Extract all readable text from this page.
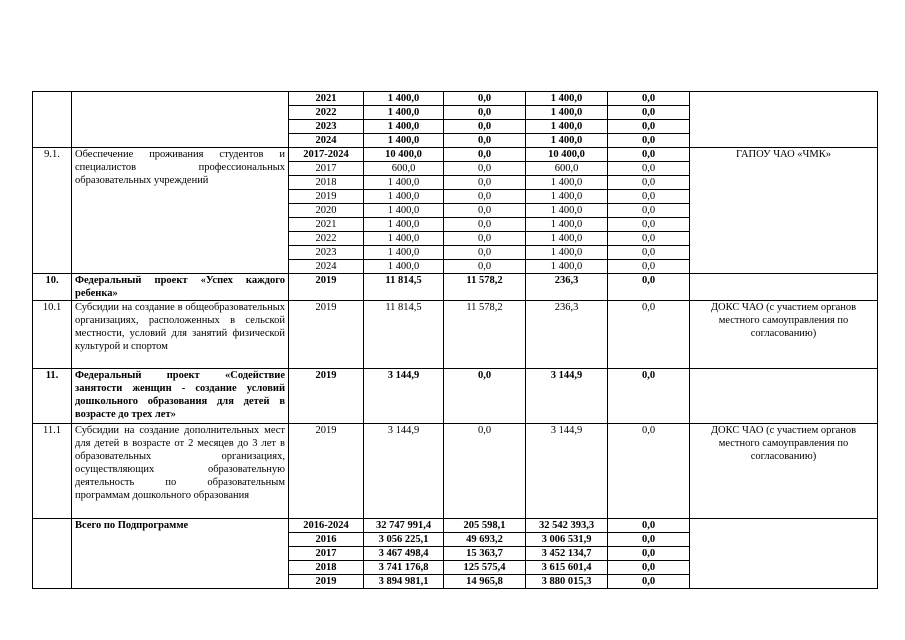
		2021	1 400,0	0,0	1 400,0	0,0	
		2022	1 400,0	0,0	1 400,0	0,0	
		2023	1 400,0	0,0	1 400,0	0,0	
		2024	1 400,0	0,0	1 400,0	0,0	
9.1.	Обеспечение проживания студентов и специалистов профессиональных образовательных учреждений	2017-2024	10 400,0	0,0	10 400,0	0,0	ГАПОУ ЧАО «ЧМК»
		2017	600,0	0,0	600,0	0,0	
		2018	1 400,0	0,0	1 400,0	0,0	
		2019	1 400,0	0,0	1 400,0	0,0	
		2020	1 400,0	0,0	1 400,0	0,0	
		2021	1 400,0	0,0	1 400,0	0,0	
		2022	1 400,0	0,0	1 400,0	0,0	
		2023	1 400,0	0,0	1 400,0	0,0	
		2024	1 400,0	0,0	1 400,0	0,0	
10.	Федеральный проект «Успех каждого ребенка»	2019	11 814,5	11 578,2	236,3	0,0	
10.1	Субсидии на создание в общеобразовательных организациях, расположенных в сельской местности, условий для занятий физической культурой и спортом	2019	11 814,5	11 578,2	236,3	0,0	ДОКС ЧАО (с участием органов местного самоуправления по согласованию)
11.	Федеральный проект «Содействие занятости женщин - создание условий дошкольного образования для детей в возрасте до трех лет»	2019	3 144,9	0,0	3 144,9	0,0	
11.1	Субсидии на создание дополнительных мест для детей в возрасте от 2 месяцев до 3 лет в образовательных организациях, осуществляющих образовательную деятельность по образовательным программам дошкольного образования	2019	3 144,9	0,0	3 144,9	0,0	ДОКС ЧАО (с участием органов местного самоуправления по согласованию)
	Всего по Подпрограмме	2016-2024	32 747 991,4	205 598,1	32 542 393,3	0,0	
		2016	3 056 225,1	49 693,2	3 006 531,9	0,0	
		2017	3 467 498,4	15 363,7	3 452 134,7	0,0	
		2018	3 741 176,8	125 575,4	3 615 601,4	0,0	
		2019	3 894 981,1	14 965,8	3 880 015,3	0,0	
